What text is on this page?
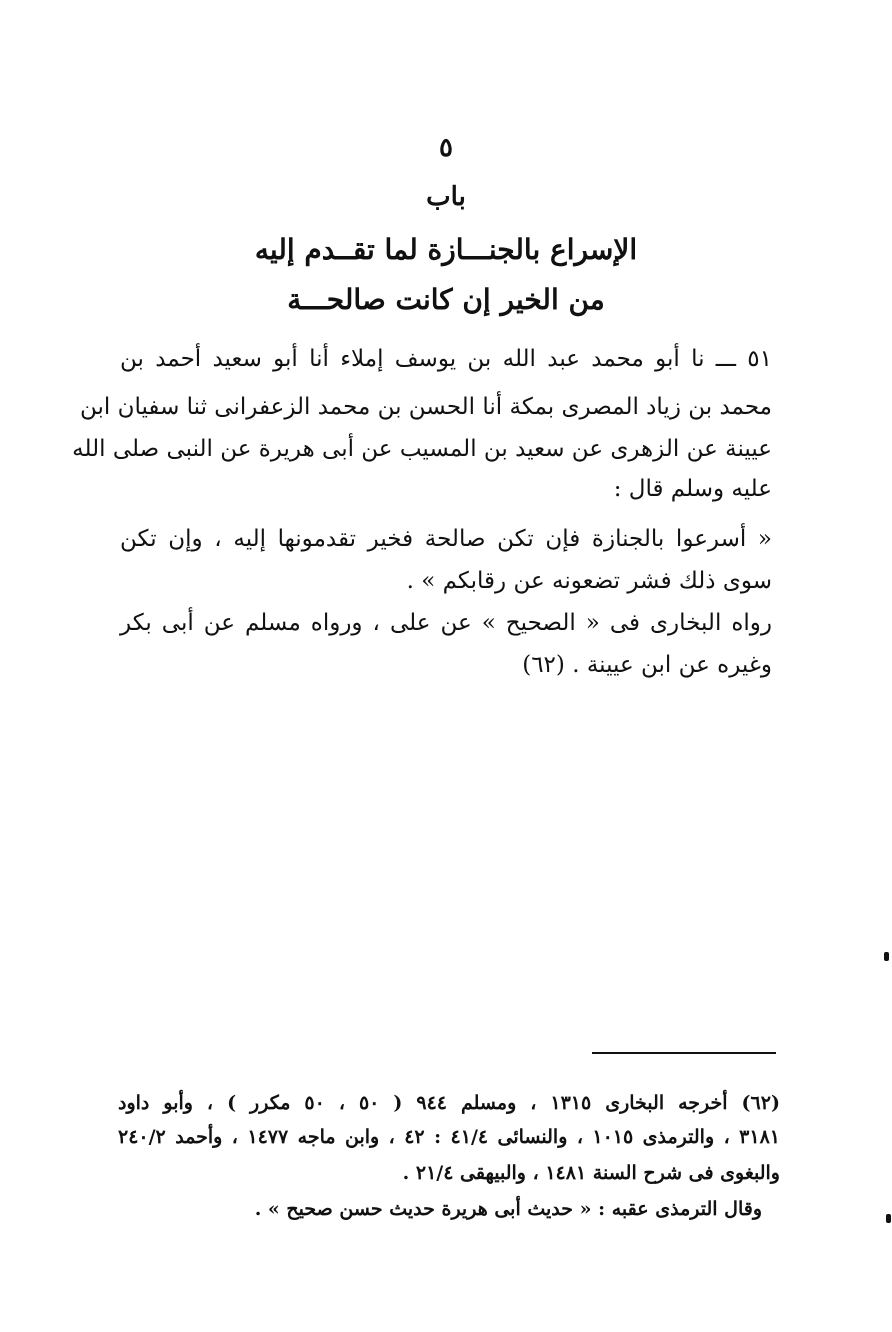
٥
باب
الإسراع بالجنـــازة لما تقــدم إليه
من الخير إن كانت صالحـــة
٥١ ـــ نا أبو محمد عبد الله بن يوسف إملاء أنا أبو سعيد أحمد بن
محمد بن زياد المصرى بمكة أنا الحسن بن محمد الزعفرانى ثنا سفيان ابن
عيينة عن الزهرى عن سعيد بن المسيب عن أبى هريرة عن النبى صلى الله
عليه وسلم قال :
« أسرعوا بالجنازة فإن تكن صالحة فخير تقدمونها إليه ، وإن تكن
سوى ذلك فشر تضعونه عن رقابكم » .
رواه البخارى فى « الصحيح » عن على ، ورواه مسلم عن أبى بكر
وغيره عن ابن عيينة . (٦٢)
(٦٢) أخرجه البخارى ١٣١٥ ، ومسلم ٩٤٤ ( ٥٠ ، ٥٠ مكرر ) ، وأبو داود
٣١٨١ ، والترمذى ١٠١٥ ، والنسائى ٤١/٤ : ٤٢ ، وابن ماجه ١٤٧٧ ، وأحمد ٢٤٠/٢
والبغوى فى شرح السنة ١٤٨١ ، والبيهقى ٢١/٤ .
وقال الترمذى عقبه : « حديث أبى هريرة حديث حسن صحيح » .
